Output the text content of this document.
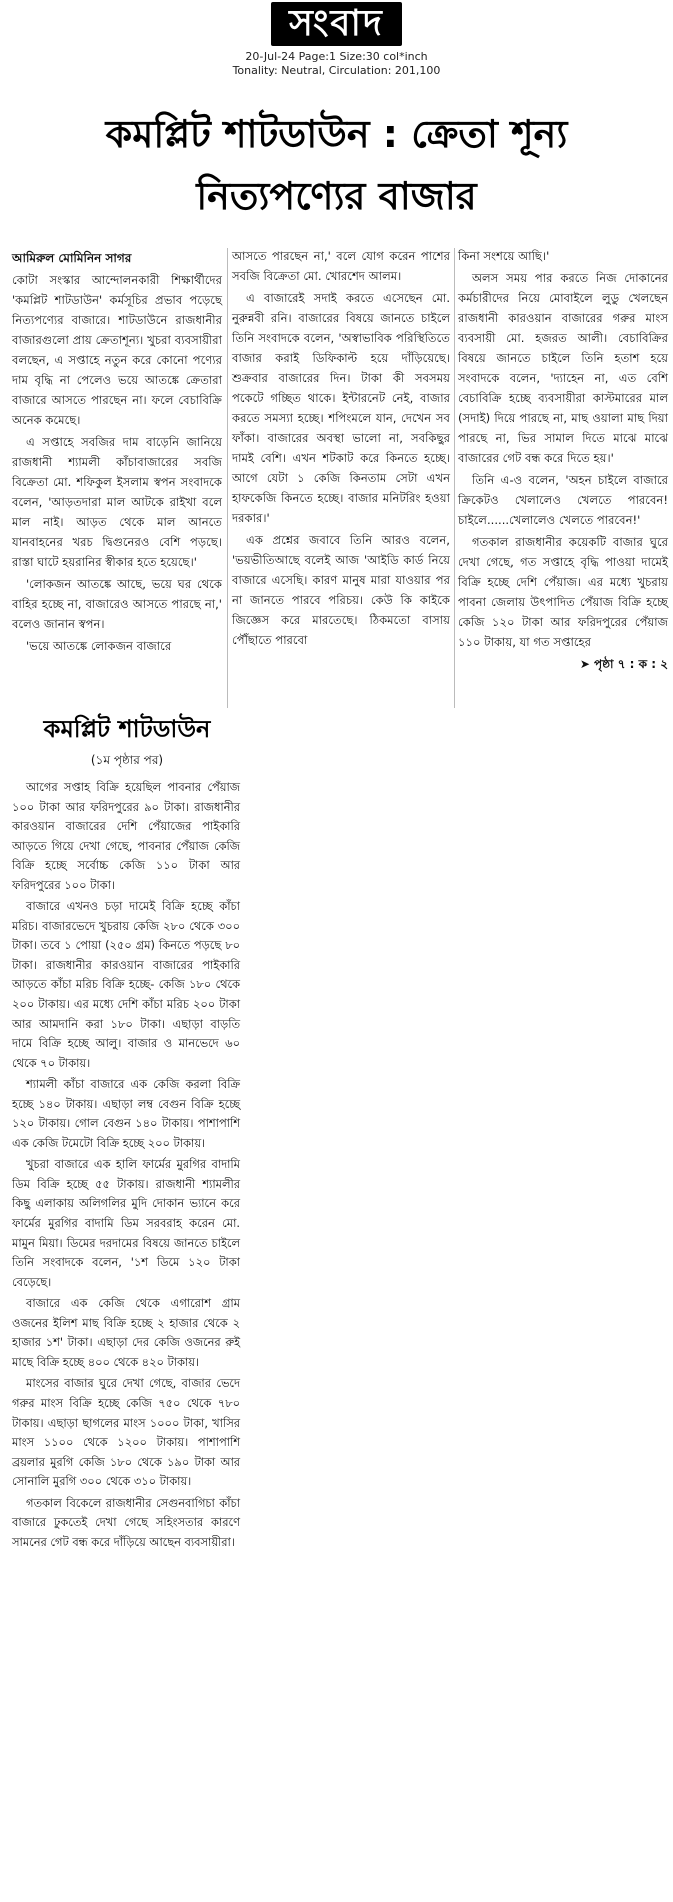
সংবাদ
20-Jul-24 Page:1 Size:30 col*inch
Tonality: Neutral, Circulation: 201,100
কমপ্লিট শাটডাউন : ক্রেতা শূন্য
নিত্যপণ্যের বাজার

আমিরুল মোমিনিন সাগর

কোটা সংস্কার আন্দোলনকারী শিক্ষার্থীদের 'কমপ্লিট শাটডাউন' কর্মসূচির প্রভাব পড়েছে নিত্যপণ্যের বাজারে। শাটডাউনে রাজধানীর বাজারগুলো প্রায় ক্রেতাশূন্য। খুচরা ব্যবসায়ীরা বলছেন, এ সপ্তাহে নতুন করে কোনো পণ্যের দাম বৃদ্ধি না পেলেও ভয়ে আতঙ্কে ক্রেতারা বাজারে আসতে পারছেন না। ফলে বেচাবিক্রি অনেক কমেছে।

এ সপ্তাহে সবজির দাম বাড়েনি জানিয়ে রাজধানী শ্যামলী কাঁচাবাজারের সবজি বিক্রেতা মো. শফিকুল ইসলাম স্বপন সংবাদকে বলেন, 'আড়তদারা মাল আটকে রাইখা বলে মাল নাই। আড়ত থেকে মাল আনতে যানবাহনের খরচ দ্বিগুনেরও বেশি পড়ছে। রাস্তা ঘাটে হয়রানির স্বীকার হতে হয়েছে।'

'লোকজন আতঙ্কে আছে, ভয়ে ঘর থেকে বাহির হচ্ছে না, বাজারেও আসতে পারছে না,' বলেও জানান স্বপন।

'ভয়ে আতঙ্কে লোকজন বাজারে

আসতে পারছেন না,' বলে যোগ করেন পাশের সবজি বিক্রেতা মো. খোরশেদ আলম।

এ বাজারেই সদাই করতে এসেছেন মো. নুরুন্নবী রনি। বাজারের বিষয়ে জানতে চাইলে তিনি সংবাদকে বলেন, 'অস্বাভাবিক পরিস্থিতিতে বাজার করাই ডিফিকাল্ট হয়ে দাঁড়িয়েছে। শুক্রবার বাজারের দিন। টাকা কী সবসময় পকেটে গচ্ছিত থাকে। ইন্টারনেট নেই, বাজার করতে সমস্যা হচ্ছে। শপিংমলে যান, দেখেন সব ফাঁকা। বাজারের অবস্থা ভালো না, সবকিছুর দামই বেশি। এখন শটকাট করে কিনতে হচ্ছে। আগে যেটা ১ কেজি কিনতাম সেটা এখন হাফকেজি কিনতে হচ্ছে। বাজার মনিটরিং হওয়া দরকার।'

এক প্রশ্নের জবাবে তিনি আরও বলেন, 'ভয়ভীতিআছে বলেই আজ 'আইডি কার্ড নিয়ে বাজারে এসেছি। কারণ মানুষ মারা যাওয়ার পর না জানতে পারবে পরিচয়। কেউ কি কাইকে জিজ্ঞেস করে মারতেছে। ঠিকমতো বাসায় পৌঁছাতে পারবো

কিনা সংশয়ে আছি।'

অলস সময় পার করতে নিজ দোকানের কর্মচারীদের নিয়ে মোবাইলে লুডু খেলছেন রাজধানী কারওয়ান বাজারের গরুর মাংস ব্যবসায়ী মো. হজরত আলী। বেচাবিক্রির বিষয়ে জানতে চাইলে তিনি হতাশ হয়ে সংবাদকে বলেন, 'দ্যাহেন না, এত বেশি বেচাবিক্রি হচ্ছে ব্যবসায়ীরা কাস্টমারের মাল (সদাই) দিয়ে পারছে না, মাছ ওয়ালা মাছ দিয়া পারছে না, ভির সামাল দিতে মাঝে মাঝে বাজারের গেট বন্ধ করে দিতে হয়।'

তিনি এ-ও বলেন, 'অহন চাইলে বাজারে ক্রিকেটও খেলালেও খেলতে পারবেন! চাইলে......খেলালেও খেলতে পারবেন!'

গতকাল রাজধানীর কয়েকটি বাজার ঘুরে দেখা গেছে, গত সপ্তাহে বৃদ্ধি পাওয়া দামেই বিক্রি হচ্ছে দেশি পেঁয়াজ। এর মধ্যে খুচরায় পাবনা জেলায় উৎপাদিত পেঁয়াজ বিক্রি হচ্ছে কেজি ১২০ টাকা আর ফরিদপুরের পেঁয়াজ ১১০ টাকায়, যা গত সপ্তাহের

➤ পৃষ্ঠা ৭ : ক : ২
কমপ্লিট শাটডাউন
(১ম পৃষ্ঠার পর)

আগের সপ্তাহ বিক্রি হয়েছিল পাবনার পেঁয়াজ ১০০ টাকা আর ফরিদপুরের ৯০ টাকা। রাজধানীর কারওয়ান বাজারের দেশি পেঁয়াজের পাইকারি আড়তে গিয়ে দেখা গেছে, পাবনার পেঁয়াজ কেজি বিক্রি হচ্ছে সর্বোচ্চ কেজি ১১০ টাকা আর ফরিদপুরের ১০০ টাকা।

বাজারে এখনও চড়া দামেই বিক্রি হচ্ছে কাঁচা মরিচ। বাজারভেদে খুচরায় কেজি ২৮০ থেকে ৩০০ টাকা। তবে ১ পোয়া (২৫০ গ্রম) কিনতে পড়ছে ৮০ টাকা। রাজধানীর কারওয়ান বাজারের পাইকারি আড়তে কাঁচা মরিচ বিক্রি হচ্ছে- কেজি ১৮০ থেকে ২০০ টাকায়। এর মধ্যে দেশি কাঁচা মরিচ ২০০ টাকা আর আমদানি করা ১৮০ টাকা। এছাড়া বাড়তি দামে বিক্রি হচ্ছে আলু। বাজার ও মানভেদে ৬০ থেকে ৭০ টাকায়।

শ্যামলী কাঁচা বাজারে এক কেজি করলা বিক্রি হচ্ছে ১৪০ টাকায়। এছাড়া লম্ব বেগুন বিক্রি হচ্ছে ১২০ টাকায়। গোল বেগুন ১৪০ টাকায়। পাশাপাশি এক কেজি টমেটো বিক্রি হচ্ছে ২০০ টাকায়।

খুচরা বাজারে এক হালি ফার্মের মুরগির বাদামি ডিম বিক্রি হচ্ছে ৫৫ টাকায়। রাজধানী শ্যামলীর কিছু এলাকায় অলিগলির মুদি দোকান ভ্যানে করে ফার্মের মুরগির বাদামি ডিম সরবরাহ করেন মো. মামুন মিয়া। ডিমের দরদামের বিষয়ে জানতে চাইলে তিনি সংবাদকে বলেন, '১শ ডিমে ১২০ টাকা বেড়েছে।

বাজারে এক কেজি থেকে এগারোশ গ্রাম ওজনের ইলিশ মাছ বিক্রি হচ্ছে ২ হাজার থেকে ২ হাজার ১শ' টাকা। এছাড়া দের কেজি ওজনের রুই মাছে বিক্রি হচ্ছে ৪০০ থেকে ৪২০ টাকায়।

মাংসের বাজার ঘুরে দেখা গেছে, বাজার ভেদে গরুর মাংস বিক্রি হচ্ছে কেজি ৭৫০ থেকে ৭৮০ টাকায়। এছাড়া ছাগলের মাংস ১০০০ টাকা, খাসির মাংস ১১০০ থেকে ১২০০ টাকায়। পাশাপাশি ব্রয়লার মুরগি কেজি ১৮০ থেকে ১৯০ টাকা আর সোনালি মুরগি ৩০০ থেকে ৩১০ টাকায়।

গতকাল বিকেলে রাজধানীর সেগুনবাগিচা কাঁচা বাজারে ঢুকতেই দেখা গেছে সহিংসতার কারণে সামনের গেট বন্ধ করে দাঁড়িয়ে আছেন ব্যবসায়ীরা।
